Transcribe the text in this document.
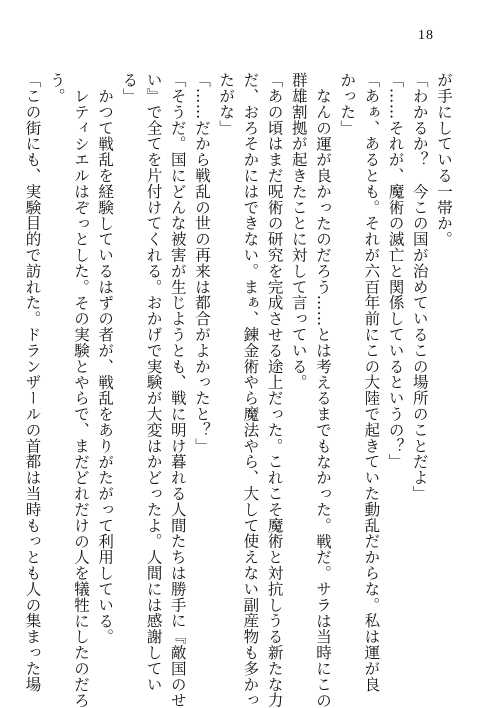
18
が手にしている一帯か。
「わかるか？　今この国が治めているこの場所のことだよ」
「……それが、魔術の滅亡と関係しているというの？」
「あぁ、あるとも。それが六百年前にこの大陸で起きていた動乱だからな。私は運が良
かった」
なんの運が良かったのだろう……とは考えるまでもなかった。戦だ。サラは当時にこの
群雄割拠が起きたことに対して言っている。
「あの頃はまだ呪術の研究を完成させる途上だった。これこそ魔術と対抗しうる新たな力
だ、おろそかにはできない。まぁ、錬金術やら魔法やら、大して使えない副産物も多かっ
たがな」
「……だから戦乱の世の再来は都合がよかったと？」
「そうだ。国にどんな被害が生じようとも、戦に明け暮れる人間たちは勝手に『敵国のせ
い』で全てを片付けてくれる。おかげで実験が大変はかどったよ。人間には感謝してい
る」
かつて戦乱を経験しているはずの者が、戦乱をありがたがって利用している。
レティシエルはぞっとした。その実験とやらで、まだどれだけの人を犠牲にしたのだろ
う。
「この街にも、実験目的で訪れた。ドランザールの首都は当時もっとも人の集まった場
